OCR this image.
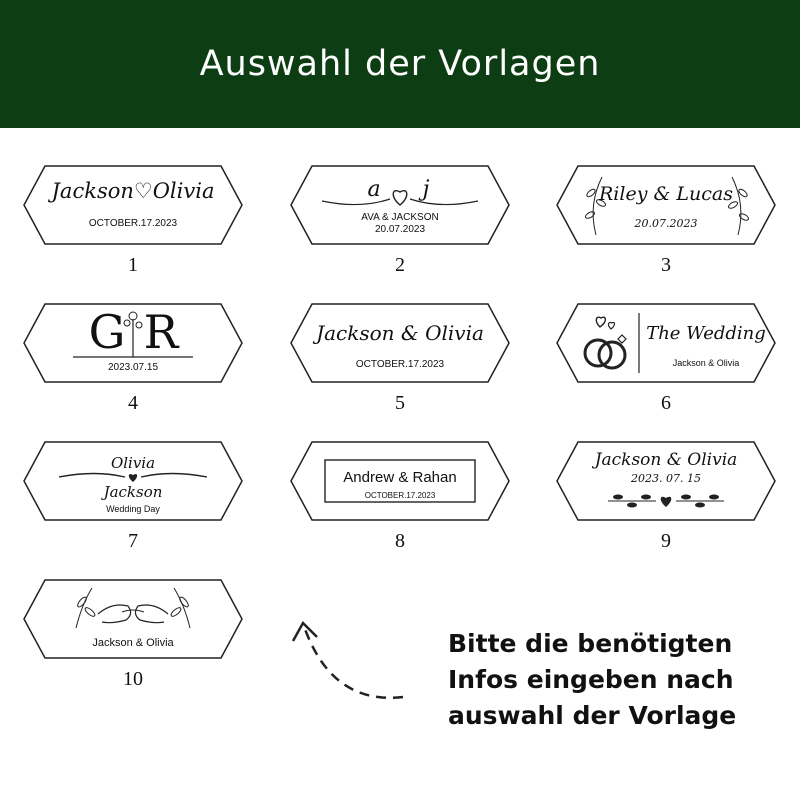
Auswahl der Vorlagen
Jackson♡Olivia
OCTOBER.17.2023
1
a	j
AVA & JACKSON
20.07.2023
2
Riley & Lucas
20.07.2023
3
G R
2023.07.15
4
Jackson & Olivia
OCTOBER.17.2023
5
The Wedding
Jackson & Olivia
6
Olivia
Jackson
Wedding Day
7
Andrew & Rahan
OCTOBER.17.2023
8
Jackson & Olivia
2023. 07. 15
9
Jackson & Olivia
10
Bitte die benötigten
Infos eingeben nach
auswahl der Vorlage
